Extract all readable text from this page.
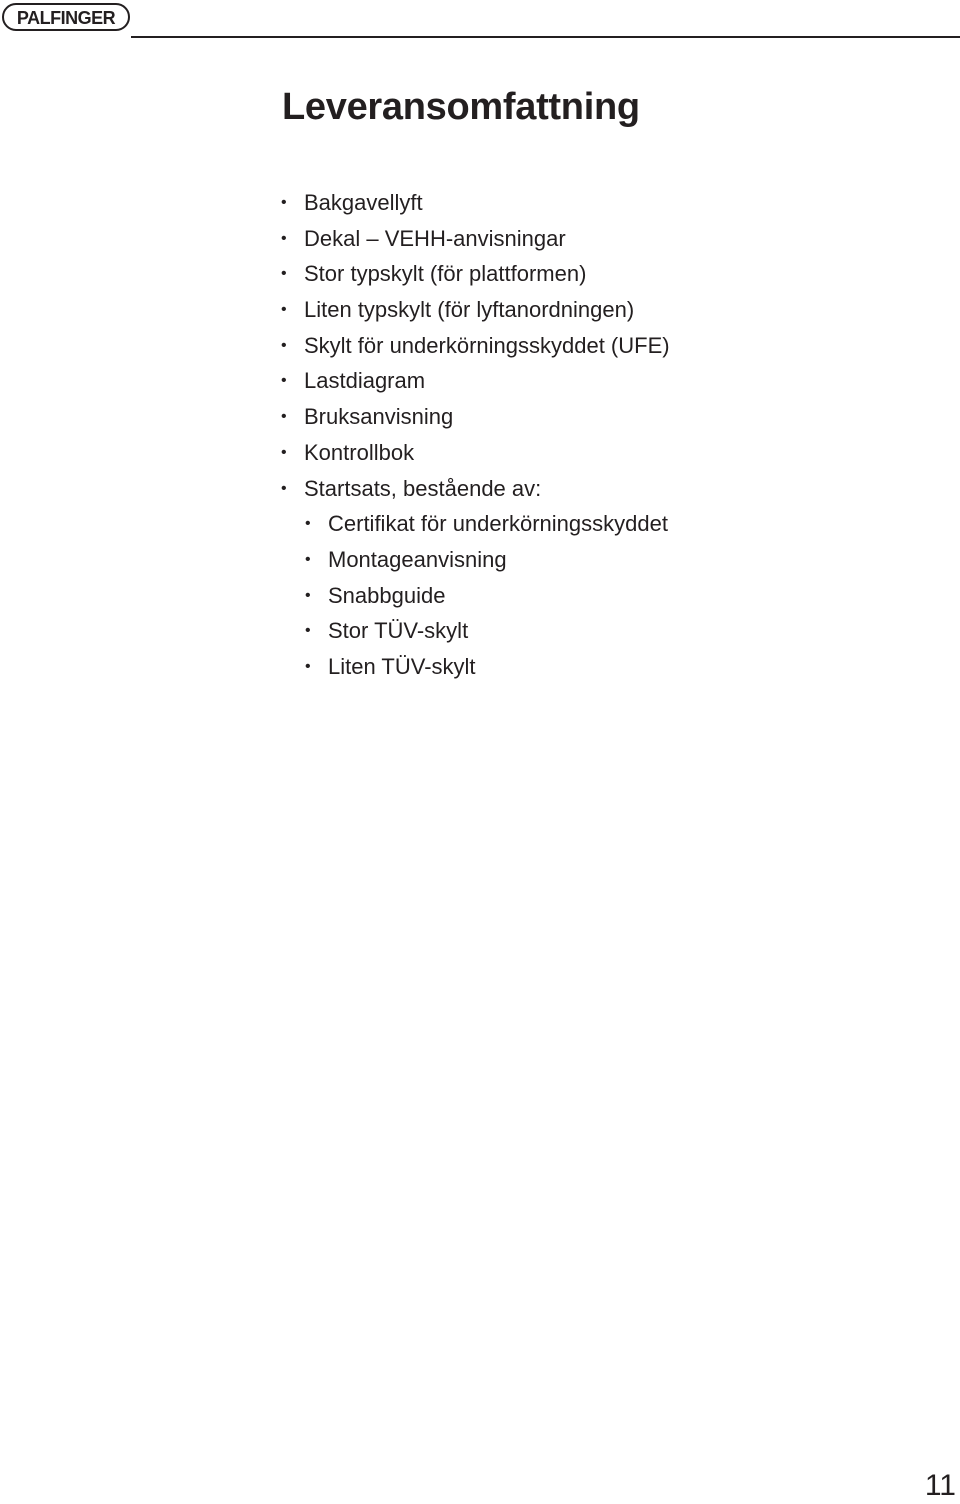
PALFINGER
Leveransomfattning
• Bakgavellyft
• Dekal – VEHH-anvisningar
• Stor typskylt (för plattformen)
• Liten typskylt (för lyftanordningen)
• Skylt för underkörningsskyddet (UFE)
• Lastdiagram
• Bruksanvisning
• Kontrollbok
• Startsats, bestående av:
• Certifikat för underkörningsskyddet
• Montageanvisning
• Snabbguide
• Stor TÜV-skylt
• Liten TÜV-skylt
11
